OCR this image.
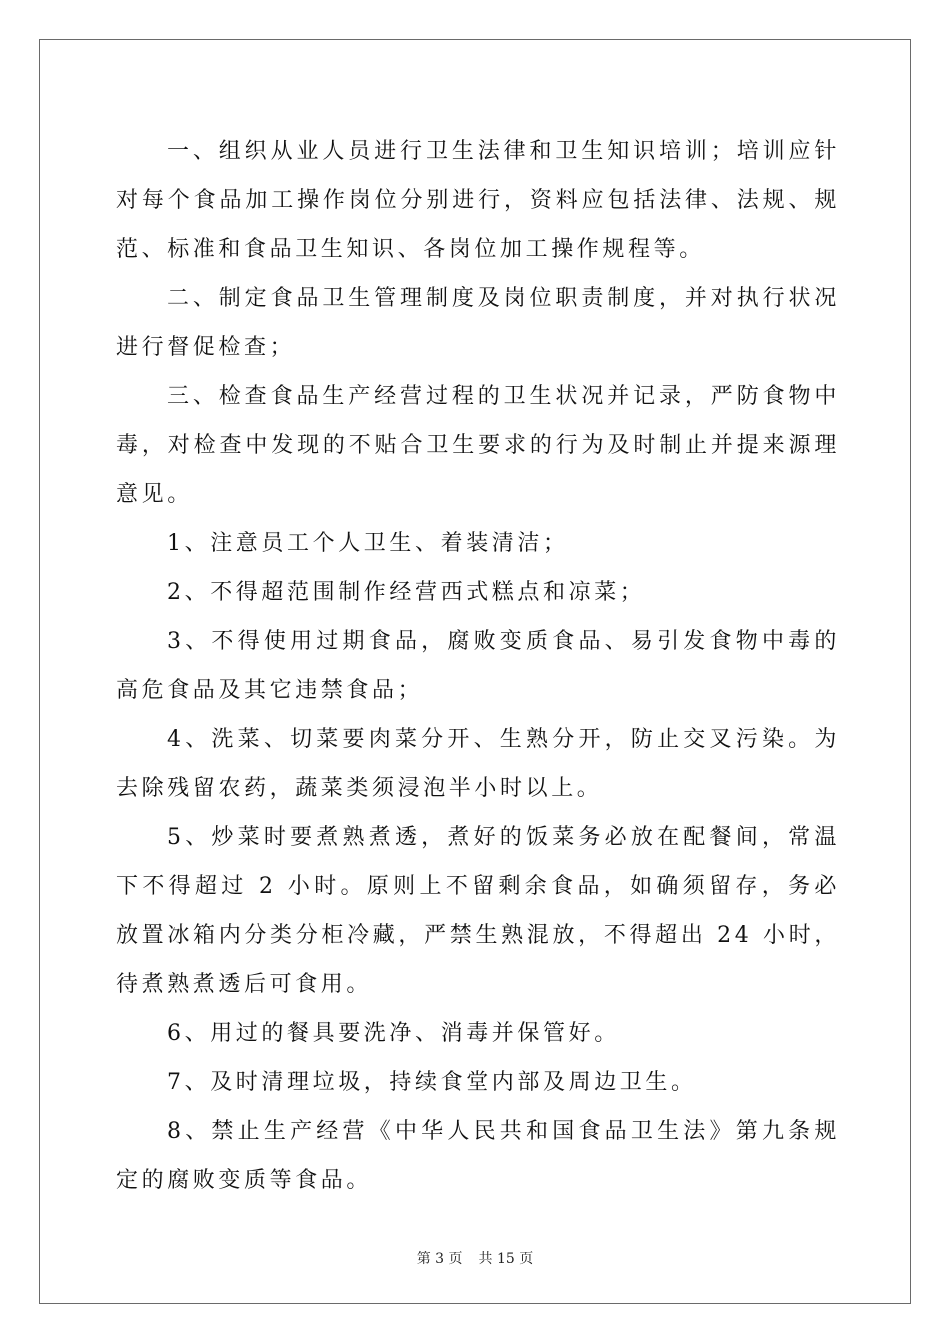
一、组织从业人员进行卫生法律和卫生知识培训；培训应针对每个食品加工操作岗位分别进行，资料应包括法律、法规、规范、标准和食品卫生知识、各岗位加工操作规程等。

二、制定食品卫生管理制度及岗位职责制度，并对执行状况进行督促检查；

三、检查食品生产经营过程的卫生状况并记录，严防食物中毒，对检查中发现的不贴合卫生要求的行为及时制止并提来源理意见。

1、注意员工个人卫生、着装清洁；

2、不得超范围制作经营西式糕点和凉菜；

3、不得使用过期食品，腐败变质食品、易引发食物中毒的高危食品及其它违禁食品；

4、洗菜、切菜要肉菜分开、生熟分开，防止交叉污染。为去除残留农药，蔬菜类须浸泡半小时以上。

5、炒菜时要煮熟煮透，煮好的饭菜务必放在配餐间，常温下不得超过 2 小时。原则上不留剩余食品，如确须留存，务必放置冰箱内分类分柜冷藏，严禁生熟混放，不得超出 24 小时，待煮熟煮透后可食用。

6、用过的餐具要洗净、消毒并保管好。

7、及时清理垃圾，持续食堂内部及周边卫生。

8、禁止生产经营《中华人民共和国食品卫生法》第九条规定的腐败变质等食品。

第 3 页 共 15 页
